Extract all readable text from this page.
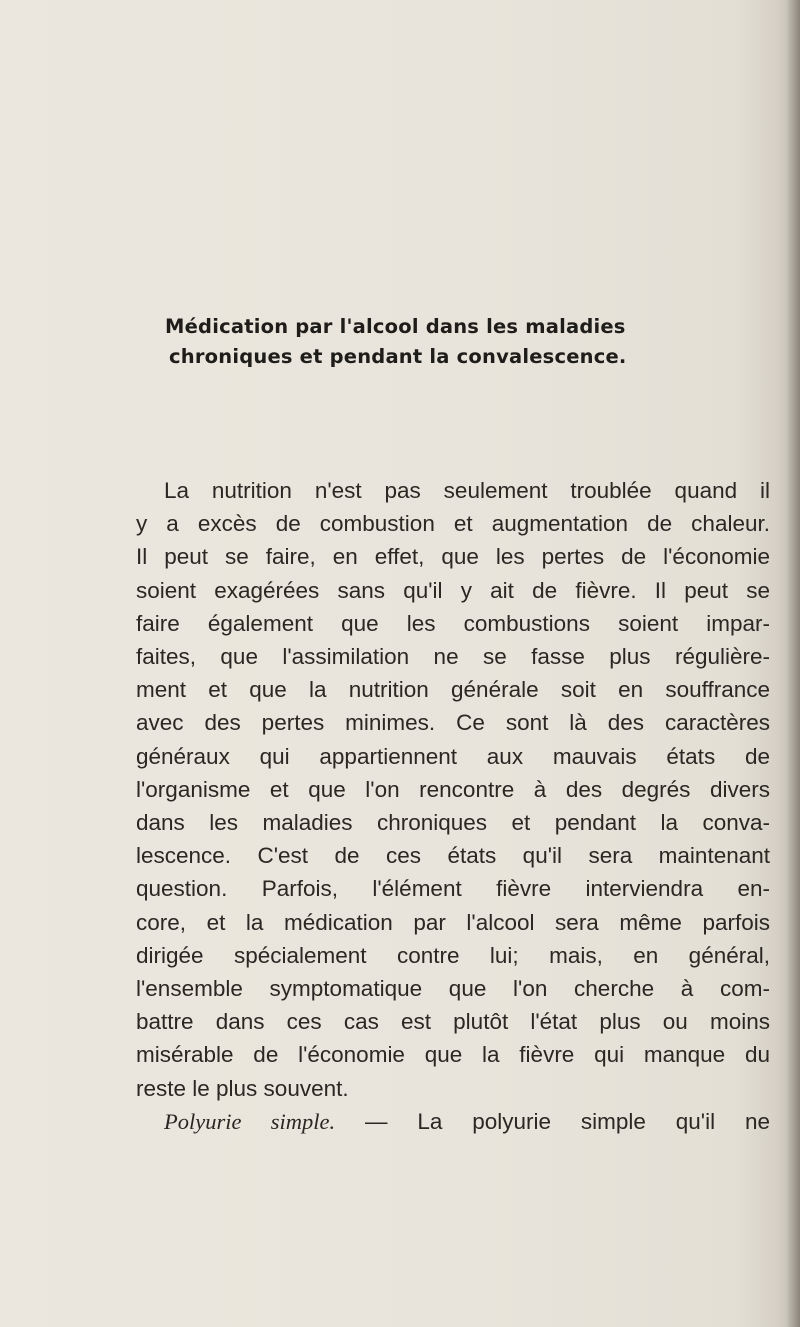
Médication par l'alcool dans les maladies
chroniques et pendant la convalescence.
La nutrition n'est pas seulement troublée quand il
y a excès de combustion et augmentation de chaleur.
Il peut se faire, en effet, que les pertes de l'économie
soient exagérées sans qu'il y ait de fièvre. Il peut se
faire également que les combustions soient impar-
faites, que l'assimilation ne se fasse plus régulière-
ment et que la nutrition générale soit en souffrance
avec des pertes minimes. Ce sont là des caractères
généraux qui appartiennent aux mauvais états de
l'organisme et que l'on rencontre à des degrés divers
dans les maladies chroniques et pendant la conva-
lescence. C'est de ces états qu'il sera maintenant
question. Parfois, l'élément fièvre interviendra en-
core, et la médication par l'alcool sera même parfois
dirigée spécialement contre lui; mais, en général,
l'ensemble symptomatique que l'on cherche à com-
battre dans ces cas est plutôt l'état plus ou moins
misérable de l'économie que la fièvre qui manque du
reste le plus souvent.
Polyurie simple. — La polyurie simple qu'il ne
